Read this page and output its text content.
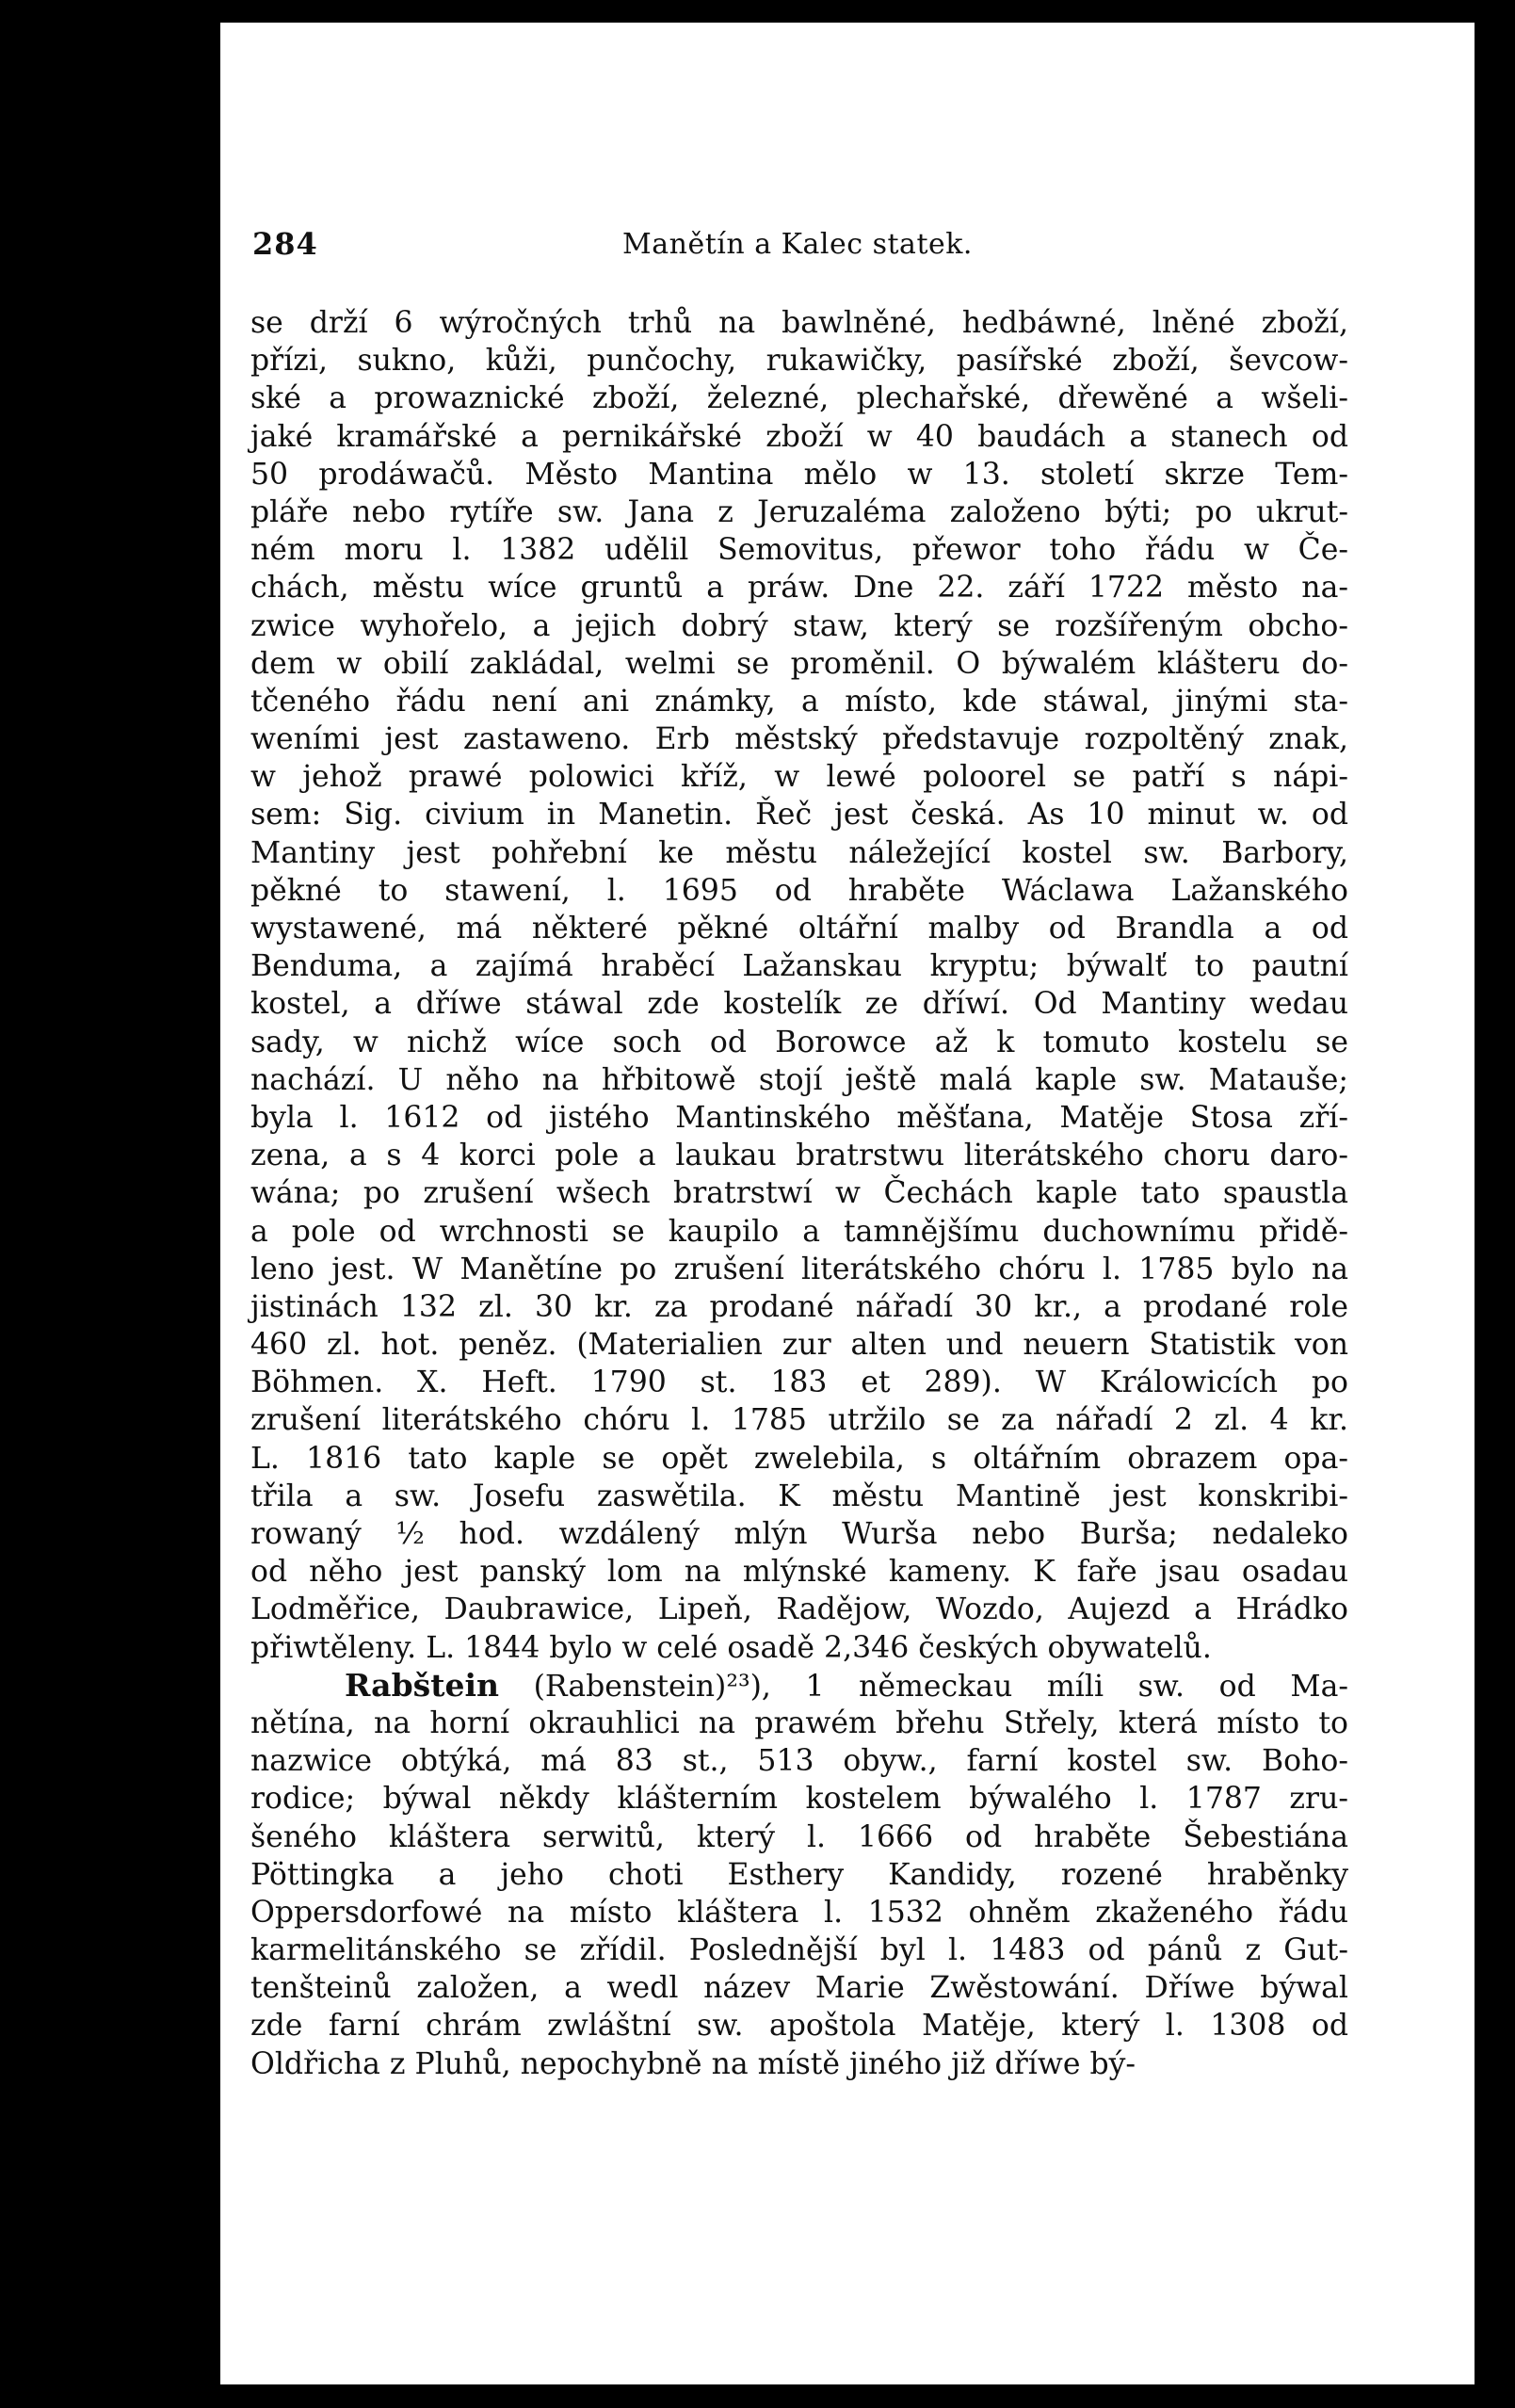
284	Manětín a Kalec statek.
se drží 6 wýročných trhů na bawlněné, hedbáwné, lněné zboží,
přízi, sukno, kůži, punčochy, rukawičky, pasířské zboží, ševcow-
ské a prowaznické zboží, železné, plechařské, dřewěné a wšeli-
jaké kramářské a pernikářské zboží w 40 baudách a stanech od
50 prodáwačů. Město Mantina mělo w 13. století skrze Tem-
pláře nebo rytíře sw. Jana z Jeruzaléma založeno býti; po ukrut-
ném moru l. 1382 udělil Semovitus, přewor toho řádu w Če-
chách, městu wíce gruntů a práw. Dne 22. září 1722 město na-
zwice wyhořelo, a jejich dobrý staw, který se rozšířeným obcho-
dem w obilí zakládal, welmi se proměnil. O býwalém klášteru do-
tčeného řádu není ani známky, a místo, kde stáwal, jinými sta-
weními jest zastaweno. Erb městský představuje rozpoltěný znak,
w jehož prawé polowici kříž, w lewé poloorel se patří s nápi-
sem: Sig. civium in Manetin. Řeč jest česká. As 10 minut w. od
Mantiny jest pohřební ke městu náležející kostel sw. Barbory,
pěkné to stawení, l. 1695 od hraběte Wáclawa Lažanského
wystawené, má některé pěkné oltářní malby od Brandla a od
Benduma, a zajímá hraběcí Lažanskau kryptu; býwalť to pautní
kostel, a dříwe stáwal zde kostelík ze dříwí. Od Mantiny wedau
sady, w nichž wíce soch od Borowce až k tomuto kostelu se
nachází. U něho na hřbitowě stojí ještě malá kaple sw. Matauše;
byla l. 1612 od jistého Mantinského měšťana, Matěje Stosa zří-
zena, a s 4 korci pole a laukau bratrstwu literátského choru darо-
wána; po zrušení wšech bratrstwí w Čechách kaple tato spaustla
a pole od wrchnosti se kaupilo a tamnějšímu duchownímu přidě-
leno jest. W Manětíne po zrušení literátského chóru l. 1785 bylo na
jistinách 132 zl. 30 kr. za prodané nářadí 30 kr., a prodané role
460 zl. hot. peněz. (Materialien zur alten und neuern Statistik von
Böhmen. X. Heft. 1790 st. 183 et 289). W Králowicích po
zrušení literátského chóru l. 1785 utržilo se za nářadí 2 zl. 4 kr.
L. 1816 tato kaple se opět zwelebila, s oltářním obrazem opa-
třila a sw. Josefu zaswětila. K městu Mantině jest konskribi-
rowaný ½ hod. wzdálený mlýn Wurša nebo Burša; nedaleko
od něho jest panský lom na mlýnské kameny. K faře jsau osadau
Lodměřice, Daubrawice, Lipeň, Radějow, Wozdo, Aujezd a Hrádko
přiwtěleny. L. 1844 bylo w celé osadě 2,346 českých obywatelů.
Rabštein (Rabenstein)²³), 1 německau míli sw. od Ma-
nětína, na horní okrauhlici na prawém břehu Střely, která místo to
nazwice obtýká, má 83 st., 513 obyw., farní kostel sw. Boho-
rodice; býwal někdy klášterním kostelem býwalého l. 1787 zru-
šeného kláštera serwitů, který l. 1666 od hraběte Šebestiána
Pöttingka a jeho choti Esthery Kandidy, rozené hraběnky
Oppersdorfowé na místo kláštera l. 1532 ohněm zkaženého řádu
karmelitánského se zřídil. Poslednější byl l. 1483 od pánů z Gut-
tenšteinů založen, a wedl název Marie Zwěstowání. Dříwe býwal
zde farní chrám zwláštní sw. apoštola Matěje, který l. 1308 od
Oldřicha z Pluhů, nepochybně na místě jiného již dříwe bý-
